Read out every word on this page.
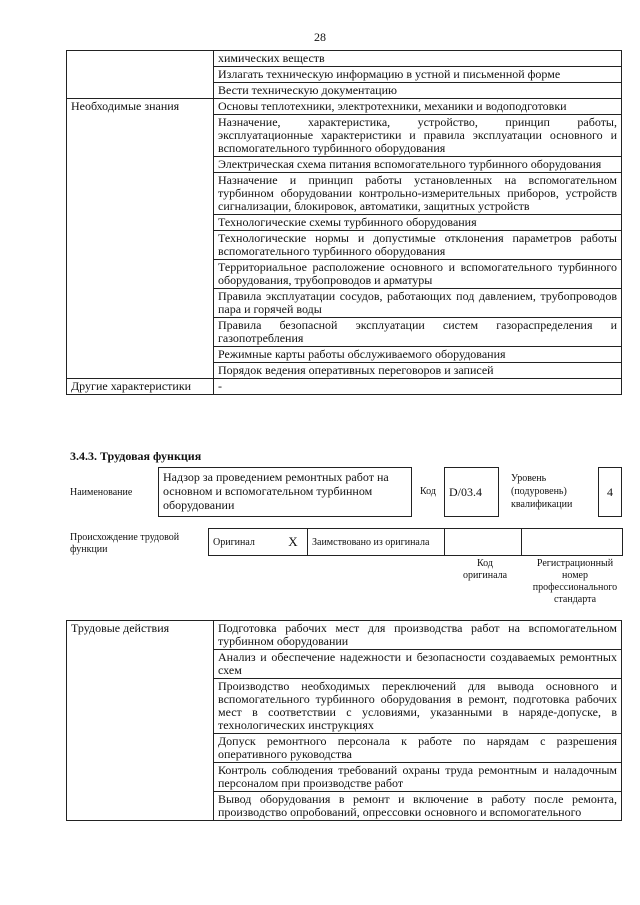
28
	химических веществ
	Излагать техническую информацию в устной и письменной форме
	Вести техническую документацию
Необходимые знания	Основы теплотехники, электротехники, механики и водоподготовки
	Назначение, характеристика, устройство, принцип работы, эксплуатационные характеристики и правила эксплуатации основного и вспомогательного турбинного оборудования
	Электрическая схема питания вспомогательного турбинного оборудования
	Назначение и принцип работы установленных на вспомогательном турбинном оборудовании контрольно-измерительных приборов, устройств сигнализации, блокировок, автоматики, защитных устройств
	Технологические схемы турбинного оборудования
	Технологические нормы и допустимые отклонения параметров работы вспомогательного турбинного оборудования
	Территориальное расположение основного и вспомогательного турбинного оборудования, трубопроводов и арматуры
	Правила эксплуатации сосудов, работающих под давлением, трубопроводов пара и горячей воды
	Правила безопасной эксплуатации систем газораспределения и газопотребления
	Режимные карты работы обслуживаемого оборудования
	Порядок ведения оперативных переговоров и записей
Другие характеристики	-
3.4.3. Трудовая функция
Наименование
Надзор за проведением ремонтных работ на основном и вспомогательном турбинном оборудовании
Код	D/03.4
Уровень (подуровень) квалификации
4
Происхождение трудовой функции
Оригинал	X	Заимствовано из оригинала		
Код оригинала
Регистрационный номер профессионального стандарта
Трудовые действия	Подготовка рабочих мест для производства работ на вспомогательном турбинном оборудовании
Анализ и обеспечение надежности и безопасности создаваемых ремонтных схем
Производство необходимых переключений для вывода основного и вспомогательного турбинного оборудования в ремонт, подготовка рабочих мест в соответствии с условиями, указанными в наряде-допуске, в технологических инструкциях
Допуск ремонтного персонала к работе по нарядам с разрешения оперативного руководства
Контроль соблюдения требований охраны труда ремонтным и наладочным персоналом при производстве работ
Вывод оборудования в ремонт и включение в работу после ремонта, производство опробований, опрессовки основного и вспомогательного
